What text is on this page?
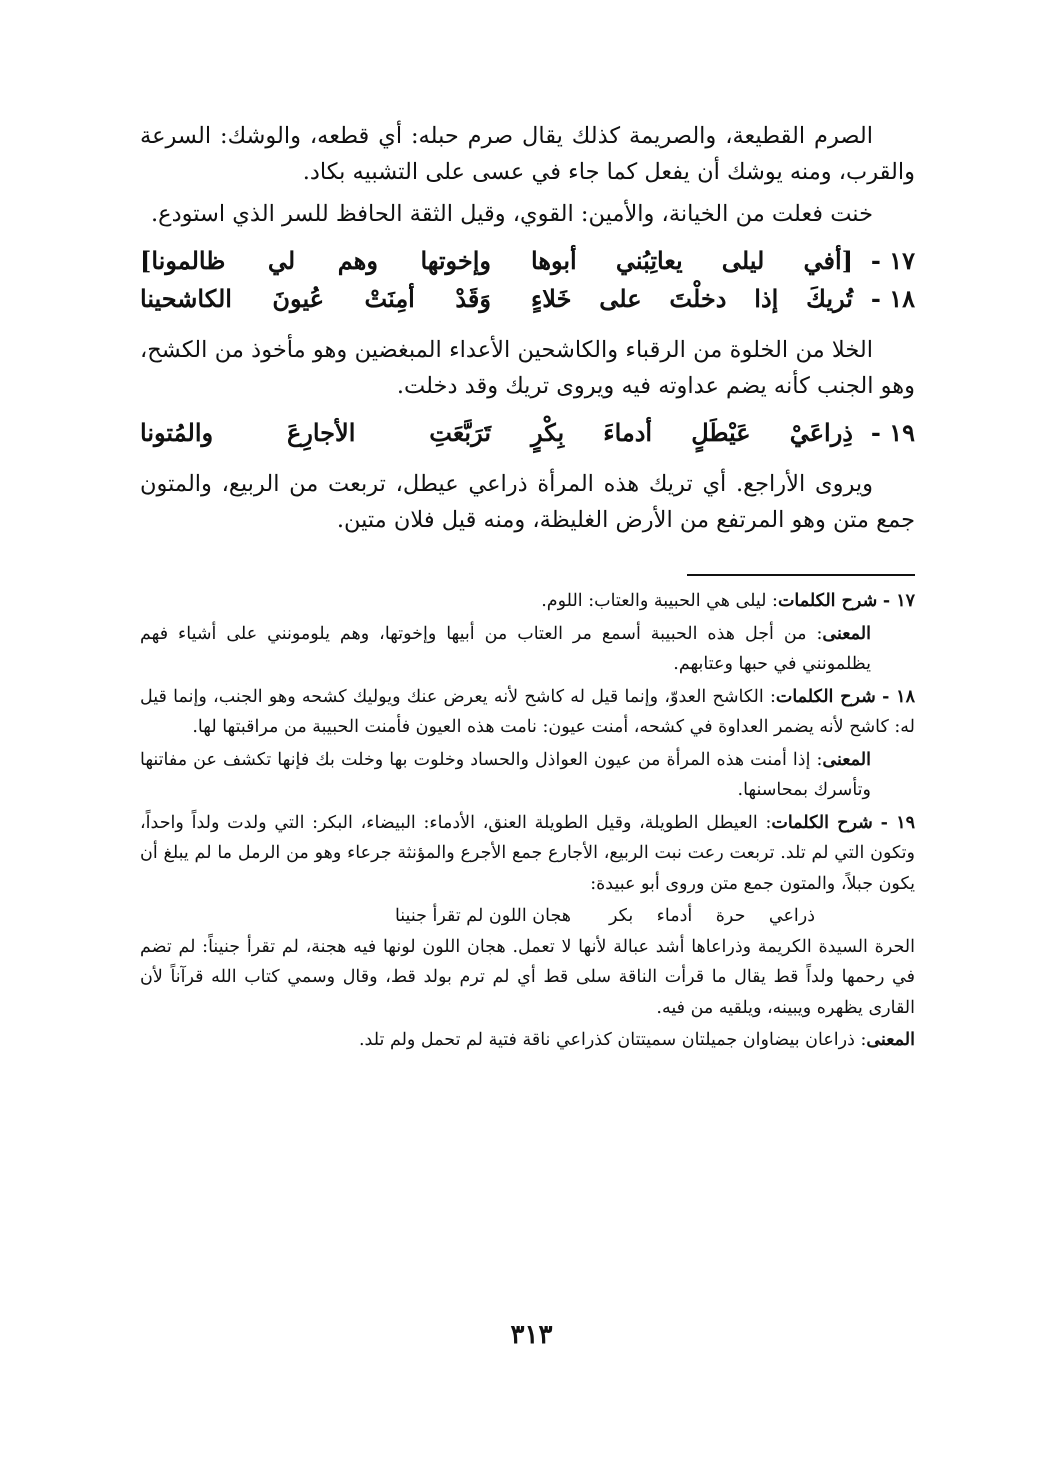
الصرم القطيعة، والصريمة كذلك يقال صرم حبله: أي قطعه، والوشك: السرعة والقرب، ومنه يوشك أن يفعل كما جاء في عسى على التشبيه بكاد.

خنت فعلت من الخيانة، والأمين: القوي، وقيل الثقة الحافظ للسر الذي استودع.

١٧ -
[أفي ليلى يعاتِبُني أبوها
وإخوتها وهم لي ظالمونا]
١٨ -
تُريكَ إذا دخلْتَ على خَلاءٍ
وَقَدْ أمِنَتْ عُيونَ الكاشحينا

الخلا من الخلوة من الرقباء والكاشحين الأعداء المبغضين وهو مأخوذ من الكشح، وهو الجنب كأنه يضم عداوته فيه ويروى تريك وقد دخلت.

١٩ -
ذِراعَيْ عَيْطَلٍ أدماءَ بِكْرٍ
تَرَبَّعَتِ الأجارِعَ والمُتونا

ويروى الأراجع. أي تريك هذه المرأة ذراعي عيطل، تربعت من الربيع، والمتون جمع متن وهو المرتفع من الأرض الغليظة، ومنه قيل فلان متين.

١٧ - شرح الكلمات: ليلى هي الحبيبة والعتاب: اللوم.

المعنى: من أجل هذه الحبيبة أسمع مر العتاب من أبيها وإخوتها، وهم يلومونني على أشياء فهم يظلمونني في حبها وعتابهم.

١٨ - شرح الكلمات: الكاشح العدوّ، وإنما قيل له كاشح لأنه يعرض عنك ويوليك كشحه وهو الجنب، وإنما قيل له: كاشح لأنه يضمر العداوة في كشحه، أمنت عيون: نامت هذه العيون فأمنت الحبيبة من مراقبتها لها.

المعنى: إذا أمنت هذه المرأة من عيون العواذل والحساد وخلوت بها وخلت بك فإنها تكشف عن مفاتنها وتأسرك بمحاسنها.

١٩ - شرح الكلمات: العيطل الطويلة، وقيل الطويلة العنق، الأدماء: البيضاء، البكر: التي ولدت ولداً واحداً، وتكون التي لم تلد. تربعت رعت نبت الربيع، الأجارع جمع الأجرع والمؤنثة جرعاء وهو من الرمل ما لم يبلغ أن يكون جبلاً، والمتون جمع متن وروى أبو عبيدة:

ذراعي حرة أدماء بكر
هجان اللون لم تقرأ جنينا

الحرة السيدة الكريمة وذراعاها أشد عبالة لأنها لا تعمل. هجان اللون لونها فيه هجنة، لم تقرأ جنيناً: لم تضم في رحمها ولداً قط يقال ما قرأت الناقة سلى قط أي لم ترم بولد قط، وقال وسمي كتاب الله قرآناً لأن القارى يظهره ويبينه، ويلقيه من فيه.

المعنى: ذراعان بيضاوان جميلتان سميتتان كذراعي ناقة فتية لم تحمل ولم تلد.

٣١٣
